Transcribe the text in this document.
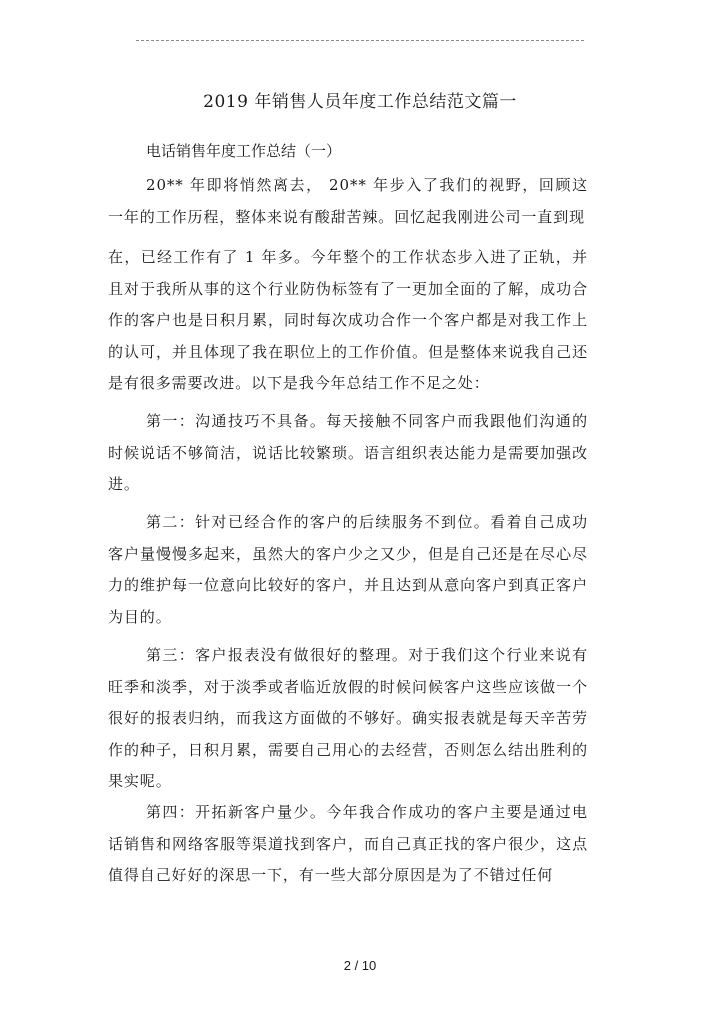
2019 年销售人员年度工作总结范文篇一
电话销售年度工作总结（一）

20** 年即将悄然离去， 20** 年步入了我们的视野，回顾这一年的工作历程，整体来说有酸甜苦辣。回忆起我刚进公司一直到现

在，已经工作有了 1 年多。今年整个的工作状态步入进了正轨，并且对于我所从事的这个行业防伪标签有了一更加全面的了解，成功合作的客户也是日积月累，同时每次成功合作一个客户都是对我工作上的认可，并且体现了我在职位上的工作价值。但是整体来说我自己还是有很多需要改进。以下是我今年总结工作不足之处：

第一：沟通技巧不具备。每天接触不同客户而我跟他们沟通的时候说话不够简洁，说话比较繁琐。语言组织表达能力是需要加强改进。

第二：针对已经合作的客户的后续服务不到位。看着自己成功客户量慢慢多起来，虽然大的客户少之又少，但是自己还是在尽心尽力的维护每一位意向比较好的客户，并且达到从意向客户到真正客户为目的。

第三：客户报表没有做很好的整理。对于我们这个行业来说有旺季和淡季，对于淡季或者临近放假的时候问候客户这些应该做一个很好的报表归纳，而我这方面做的不够好。确实报表就是每天辛苦劳作的种子，日积月累，需要自己用心的去经营，否则怎么结出胜利的果实呢。

第四：开拓新客户量少。今年我合作成功的客户主要是通过电话销售和网络客服等渠道找到客户，而自己真正找的客户很少，这点值得自己好好的深思一下，有一些大部分原因是为了不错过任何

2 / 10
